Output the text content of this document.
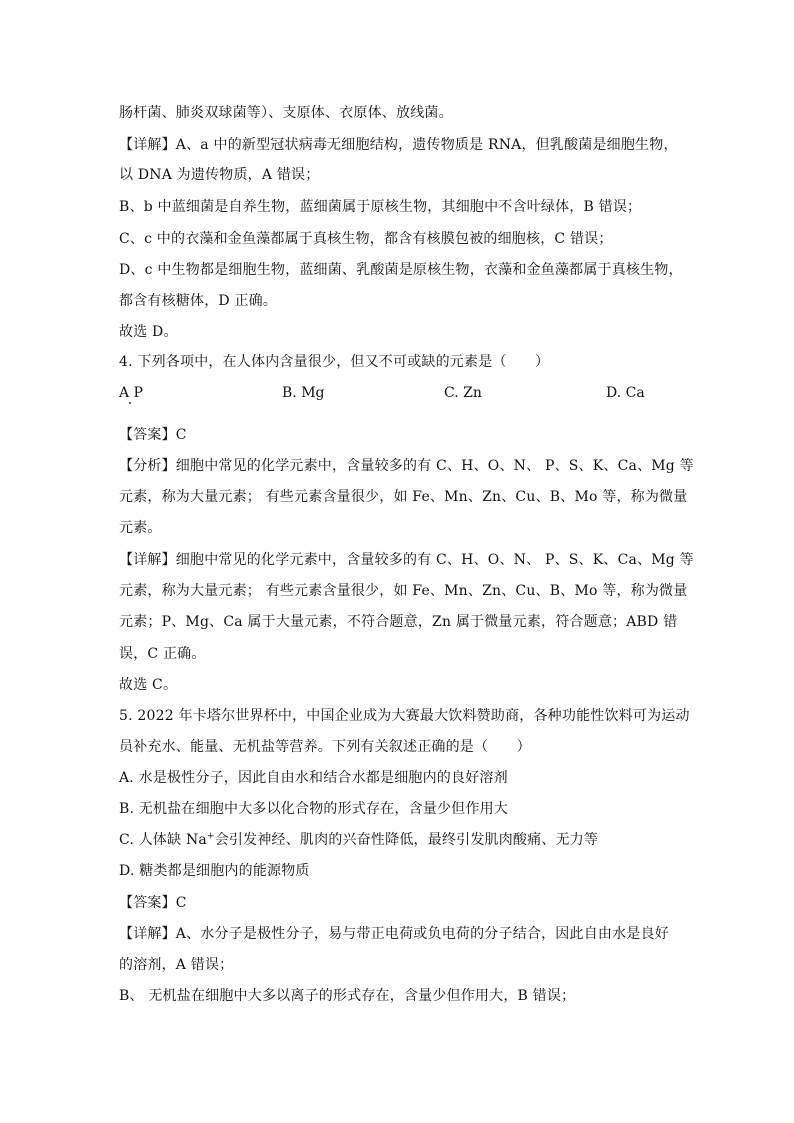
肠杆菌、肺炎双球菌等）、支原体、衣原体、放线菌。
【详解】A、a 中的新型冠状病毒无细胞结构，遗传物质是 RNA，但乳酸菌是细胞生物，
以 DNA 为遗传物质，A 错误；
B、b 中蓝细菌是自养生物，蓝细菌属于原核生物，其细胞中不含叶绿体，B 错误；
C、c 中的衣藻和金鱼藻都属于真核生物，都含有核膜包被的细胞核，C 错误；
D、c 中生物都是细胞生物，蓝细菌、乳酸菌是原核生物，衣藻和金鱼藻都属于真核生物，
都含有核糖体，D 正确。
故选 D。
4. 下列各项中，在人体内含量很少，但又不可或缺的元素是（　　）
A P	B. Mg	C. Zn	D. Ca
【答案】C
【分析】细胞中常见的化学元素中，含量较多的有 C、H、O、N、 P、S、K、Ca、Mg 等
元素，称为大量元素； 有些元素含量很少，如 Fe、Mn、Zn、Cu、B、Mo 等，称为微量
元素。
【详解】细胞中常见的化学元素中，含量较多的有 C、H、O、N、 P、S、K、Ca、Mg 等
元素，称为大量元素； 有些元素含量很少，如 Fe、Mn、Zn、Cu、B、Mo 等，称为微量
元素；P、Mg、Ca 属于大量元素，不符合题意，Zn 属于微量元素，符合题意；ABD 错
误，C 正确。
故选 C。
5. 2022 年卡塔尔世界杯中，中国企业成为大赛最大饮料赞助商，各种功能性饮料可为运动
员补充水、能量、无机盐等营养。下列有关叙述正确的是（　　）
A. 水是极性分子，因此自由水和结合水都是细胞内的良好溶剂
B. 无机盐在细胞中大多以化合物的形式存在，含量少但作用大
C. 人体缺 Na+会引发神经、肌肉的兴奋性降低，最终引发肌肉酸痛、无力等
D. 糖类都是细胞内的能源物质
【答案】C
【详解】A、水分子是极性分子，易与带正电荷或负电荷的分子结合，因此自由水是良好
的溶剂，A 错误；
B、 无机盐在细胞中大多以离子的形式存在，含量少但作用大，B 错误；
